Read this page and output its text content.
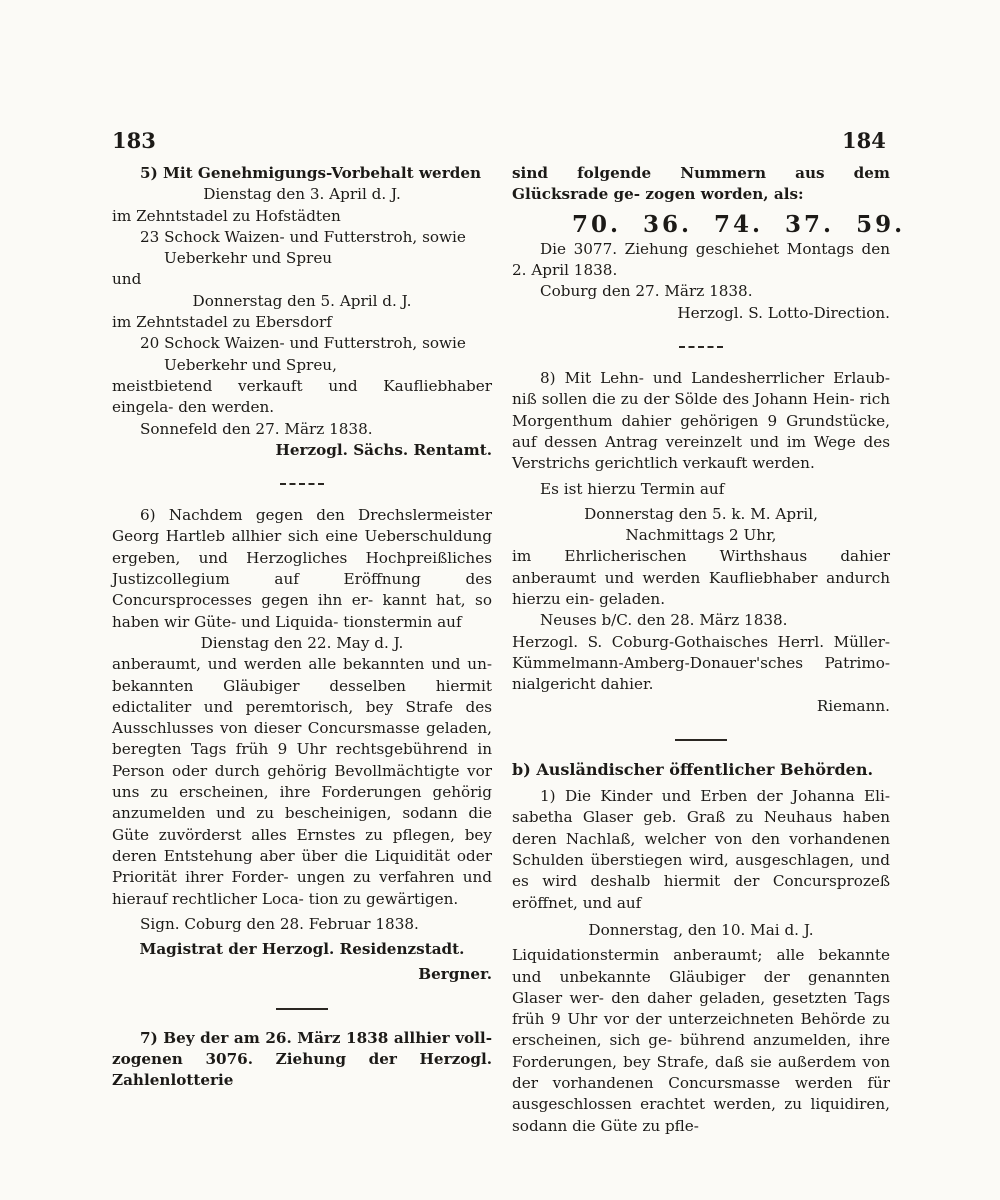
183	184

5) Mit Genehmigungs-Vorbehalt werden

Dienstag den 3. April d. J.

im Zehntstadel zu Hofstädten

23 Schock Waizen- und Futterstroh, sowie

Ueberkehr und Spreu

und

Donnerstag den 5. April d. J.

im Zehntstadel zu Ebersdorf

20 Schock Waizen- und Futterstroh, sowie

Ueberkehr und Spreu,

meistbietend verkauft und Kaufliebhaber eingela- den werden.

Sonnefeld den 27. März 1838.

Herzogl. Sächs. Rentamt.

6) Nachdem gegen den Drechslermeister Georg Hartleb allhier sich eine Ueberschuldung ergeben, und Herzogliches Hochpreißliches Justizcollegium auf Eröffnung des Concursprocesses gegen ihn er- kannt hat, so haben wir Güte- und Liquida- tionstermin auf

Dienstag den 22. May d. J.

anberaumt, und werden alle bekannten und un- bekannten Gläubiger desselben hiermit edictaliter und peremtorisch, bey Strafe des Ausschlusses von dieser Concursmasse geladen, beregten Tags früh 9 Uhr rechtsgebührend in Person oder durch gehörig Bevollmächtigte vor uns zu erscheinen, ihre Forderungen gehörig anzumelden und zu bescheinigen, sodann die Güte zuvörderst alles Ernstes zu pflegen, bey deren Entstehung aber über die Liquidität oder Priorität ihrer Forder- ungen zu verfahren und hierauf rechtlicher Loca- tion zu gewärtigen.

Sign. Coburg den 28. Februar 1838.

Magistrat der Herzogl. Residenzstadt.

Bergner.

7) Bey der am 26. März 1838 allhier voll- zogenen 3076. Ziehung der Herzogl. Zahlenlotterie

sind folgende Nummern aus dem Glücksrade ge- zogen worden, als:

70. 36. 74. 37. 59.

Die 3077. Ziehung geschiehet Montags den 2. April 1838.

Coburg den 27. März 1838.

Herzogl. S. Lotto-Direction.

8) Mit Lehn- und Landesherrlicher Erlaub- niß sollen die zu der Sölde des Johann Hein- rich Morgenthum dahier gehörigen 9 Grundstücke, auf dessen Antrag vereinzelt und im Wege des Verstrichs gerichtlich verkauft werden.

Es ist hierzu Termin auf

Donnerstag den 5. k. M. April,

Nachmittags 2 Uhr,

im Ehrlicherischen Wirthshaus dahier anberaumt und werden Kaufliebhaber andurch hierzu ein- geladen.

Neuses b/C. den 28. März 1838.

Herzogl. S. Coburg-Gothaisches Herrl. Müller- Kümmelmann-Amberg-Donauer'sches Patrimo- nialgericht dahier.

Riemann.

b) Ausländischer öffentlicher Behörden.

1) Die Kinder und Erben der Johanna Eli- sabetha Glaser geb. Graß zu Neuhaus haben deren Nachlaß, welcher von den vorhandenen Schulden überstiegen wird, ausgeschlagen, und es wird deshalb hiermit der Concursprozeß eröffnet, und auf

Donnerstag, den 10. Mai d. J.

Liquidationstermin anberaumt; alle bekannte und unbekannte Gläubiger der genannten Glaser wer- den daher geladen, gesetzten Tags früh 9 Uhr vor der unterzeichneten Behörde zu erscheinen, sich ge- bührend anzumelden, ihre Forderungen, bey Strafe, daß sie außerdem von der vorhandenen Concursmasse werden für ausgeschlossen erachtet werden, zu liquidiren, sodann die Güte zu pfle-
